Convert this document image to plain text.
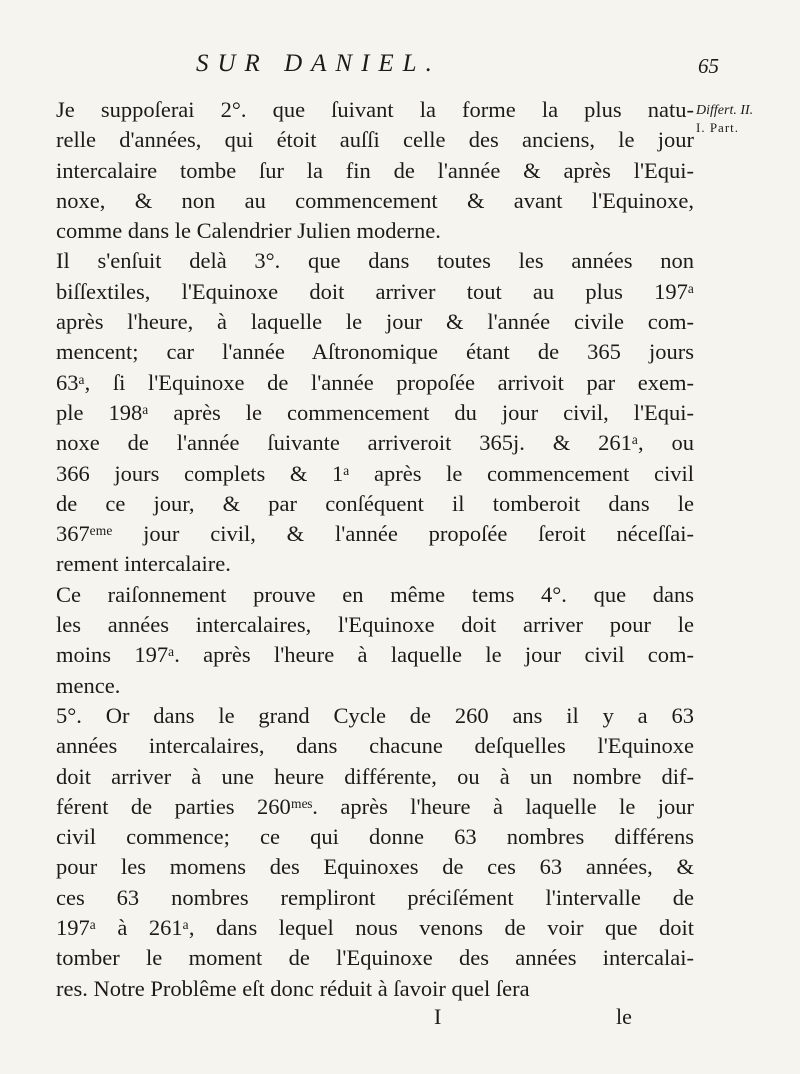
SUR DANIEL.	65
Differt. II.
I. Part.
Je suppoſerai 2°. que ſuivant la forme la plus natu-
relle d'années, qui étoit auſſi celle des anciens, le jour
intercalaire tombe ſur la fin de l'année & après l'Equi-
noxe, & non au commencement & avant l'Equinoxe,
comme dans le Calendrier Julien moderne.
Il s'enſuit delà 3°. que dans toutes les années non
biſſextiles, l'Equinoxe doit arriver tout au plus 197ᵃ
après l'heure, à laquelle le jour & l'année civile com-
mencent; car l'année Aſtronomique étant de 365 jours
63ᵃ, ſi l'Equinoxe de l'année propoſée arrivoit par exem-
ple 198ᵃ après le commencement du jour civil, l'Equi-
noxe de l'année ſuivante arriveroit 365j. & 261ᵃ, ou
366 jours complets & 1ᵃ après le commencement civil
de ce jour, & par conſéquent il tomberoit dans le
367ᵉᵐᵉ jour civil, & l'année propoſée ſeroit néceſſai-
rement intercalaire.
Ce raiſonnement prouve en même tems 4°. que dans
les années intercalaires, l'Equinoxe doit arriver pour le
moins 197ᵃ. après l'heure à laquelle le jour civil com-
mence.
5°. Or dans le grand Cycle de 260 ans il y a 63
années intercalaires, dans chacune deſquelles l'Equinoxe
doit arriver à une heure différente, ou à un nombre dif-
férent de parties 260ᵐᵉˢ. après l'heure à laquelle le jour
civil commence; ce qui donne 63 nombres différens
pour les momens des Equinoxes de ces 63 années, &
ces 63 nombres rempliront préciſément l'intervalle de
197ᵃ à 261ᵃ, dans lequel nous venons de voir que doit
tomber le moment de l'Equinoxe des années intercalai-
res. Notre Problême eſt donc réduit à ſavoir quel ſera
I	le
